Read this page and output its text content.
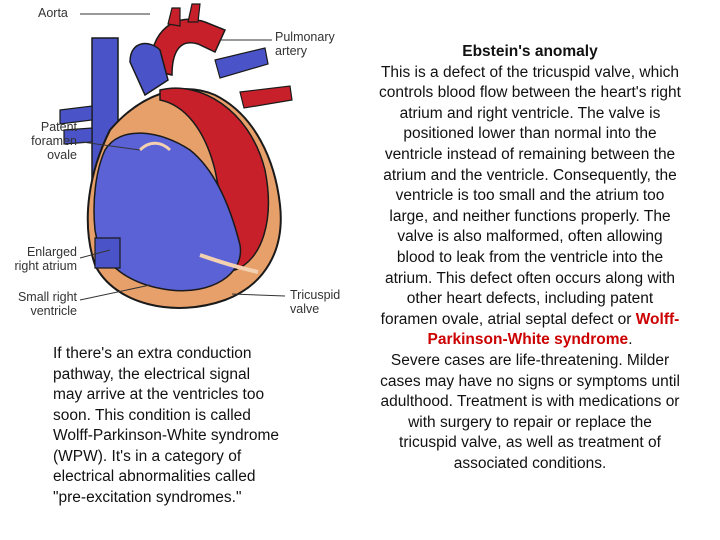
Aorta
Pulmonary
artery
Patent
foramen
ovale
Enlarged
right atrium
Small right
ventricle
Tricuspid
valve
If there's an extra conduction
pathway, the electrical signal
may arrive at the ventricles too
soon. This condition is called
Wolff-Parkinson-White syndrome
(WPW). It's in a category of
electrical abnormalities called
"pre-excitation syndromes."
Ebstein's anomaly
This is a defect of the tricuspid valve, which
controls blood flow between the heart's right
atrium and right ventricle. The valve is
positioned lower than normal into the
ventricle instead of remaining between the
atrium and the ventricle. Consequently, the
ventricle is too small and the atrium too
large, and neither functions properly. The
valve is also malformed, often allowing
blood to leak from the ventricle into the
atrium. This defect often occurs along with
other heart defects, including patent
foramen ovale, atrial septal defect or Wolff-
Parkinson-White syndrome.
Severe cases are life-threatening. Milder
cases may have no signs or symptoms until
adulthood. Treatment is with medications or
with surgery to repair or replace the
tricuspid valve, as well as treatment of
associated conditions.
